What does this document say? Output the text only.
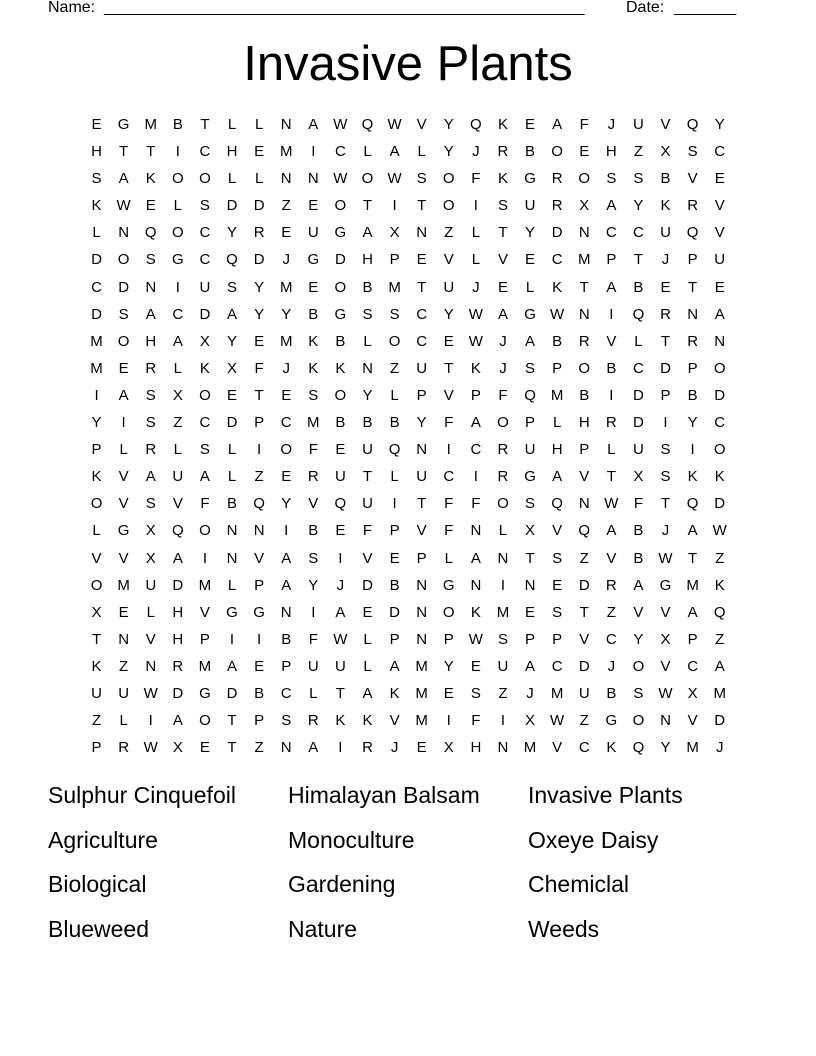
Name: ______________________________________________________	Date: _______
Invasive Plants
E	G	M	B	T	L	L	N	A	W Q W	V	Y	Q	K	E	A	F	J	U	V	Q	Y
H	T	T	I	C	H	E	M	I	C	L	A	L	Y	J	R	B	O	E	H	Z	X	S	C
S	A	K	O	O	L	L	N	N W O W	S	O	F	K	G	R	O	S	S	B	V	E
K	W	E	L	S	D	D	Z	E	O	T	I	T	O	I	S	U	R	X	A	Y	K	R	V
L	N	Q	O	C	Y	R	E	U	G	A	X	N	Z	L	T	Y	D	N	C	C	U	Q	V
D	O	S	G	C	Q	D	J	G	D	H	P	E	V	L	V	E	C	M	P	T	J	P	U
C	D	N	I	U	S	Y	M	E	O	B	M	T	U	J	E	L	K	T	A	B	E	T	E
D	S	A	C	D	A	Y	Y	B	G	S	S	C	Y	W	A	G W N	I	Q	R	N	A
M	O	H	A	X	Y	E	M	K	B	L	O	C	E	W	J	A	B	R	V	L	T	R	N
M	E	R	L	K	X	F	J	K	K	N	Z	U	T	K	J	S	P	O	B	C	D	P	O
I	A	S	X	O	E	T	E	S	O	Y	L	P	V	P	F	Q	M	B	I	D	P	B	D
Y	I	S	Z	C	D	P	C	M	B	B	B	Y	F	A	O	P	L	H	R	D	I	Y	C
P	L	R	L	S	L	I	O	F	E	U	Q	N	I	C	R	U	H	P	L	U	S	I	O
K	V	A	U	A	L	Z	E	R	U	T	L	U	C	I	R	G	A	V	T	X	S	K	K
O	V	S	V	F	B	Q	Y	V	Q	U	I	T	F	F	O	S	Q	N W	F	T	Q	D
L	G	X	Q	O	N	N	I	B	E	F	P	V	F	N	L	X	V	Q	A	B	J	A	W
V	V	X	A	I	N	V	A	S	I	V	E	P	L	A	N	T	S	Z	V	B	W	T	Z
O	M	U	D	M	L	P	A	Y	J	D	B	N	G	N	I	N	E	D	R	A	G	M	K
X	E	L	H	V	G	G	N	I	A	E	D	N	O	K	M	E	S	T	Z	V	V	A	Q
T	N	V	H	P	I	I	B	F	W	L	P	N	P	W	S	P	P	V	C	Y	X	P	Z
K	Z	N	R	M	A	E	P	U	U	L	A	M	Y	E	U	A	C	D	J	O	V	C	A
U	U W D	G	D	B	C	L	T	A	K	M	E	S	Z	J	M	U	B	S	W	X	M
Z	L	I	A	O	T	P	S	R	K	K	V	M	I	F	I	X	W	Z	G	O	N	V	D
P	R W	X	E	T	Z	N	A	I	R	J	E	X	H	N	M	V	C	K	Q	Y	M	J
Sulphur Cinquefoil	Himalayan Balsam	Invasive Plants
Agriculture	Monoculture	Oxeye Daisy
Biological	Gardening	Chemiclal
Blueweed	Nature	Weeds
